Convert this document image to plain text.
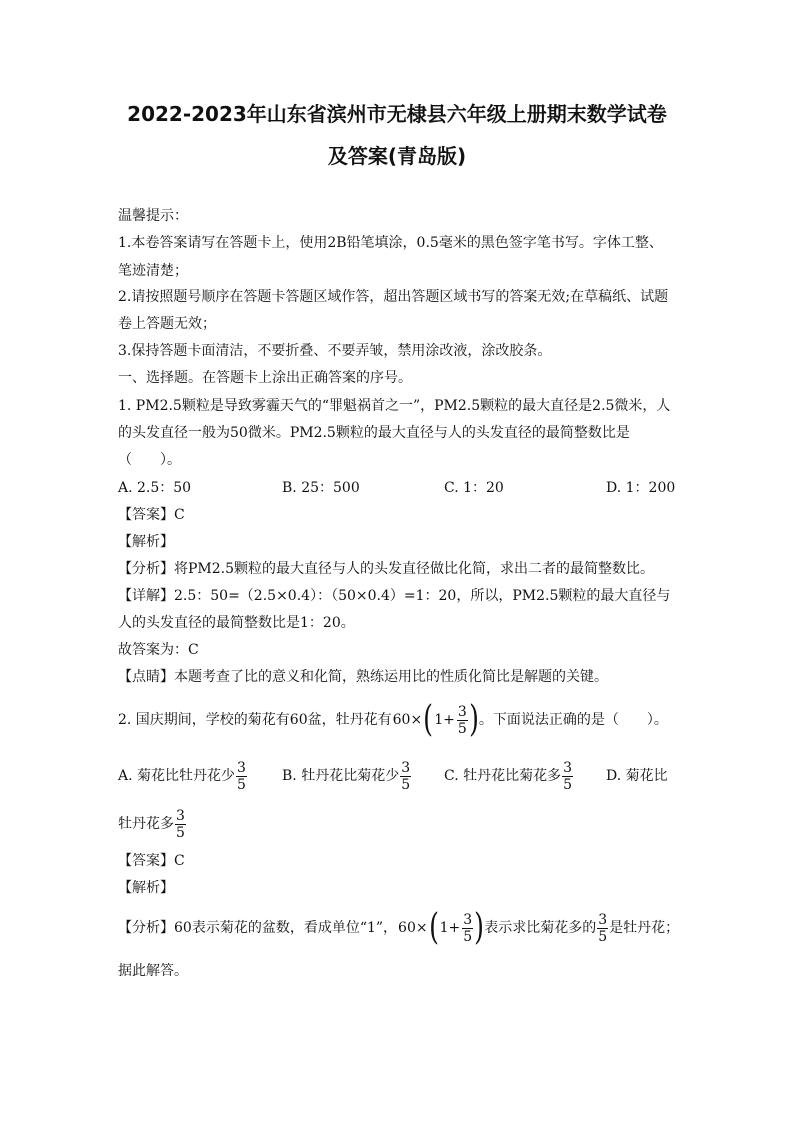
2022-2023年山东省滨州市无棣县六年级上册期末数学试卷
及答案(青岛版)
温馨提示：
1.本卷答案请写在答题卡上，使用2B铅笔填涂，0.5毫米的黑色签字笔书写。字体工整、
笔迹清楚；
2.请按照题号顺序在答题卡答题区域作答，超出答题区域书写的答案无效;在草稿纸、试题
卷上答题无效；
3.保持答题卡面清洁，不要折叠、不要弄皱，禁用涂改液，涂改胶条。
一、选择题。在答题卡上涂出正确答案的序号。
1. PM2.5颗粒是导致雾霾天气的“罪魁祸首之一”，PM2.5颗粒的最大直径是2.5微米，人
的头发直径一般为50微米。PM2.5颗粒的最大直径与人的头发直径的最简整数比是
（　　）。
A. 2.5：50	B. 25：500	C. 1：20	D. 1：200
【答案】C
【解析】
【分析】将PM2.5颗粒的最大直径与人的头发直径做比化简，求出二者的最简整数比。
【详解】2.5：50=（2.5×0.4）：（50×0.4）=1：20，所以，PM2.5颗粒的最大直径与
人的头发直径的最简整数比是1：20。
故答案为：C
【点睛】本题考查了比的意义和化简，熟练运用比的性质化简比是解题的关键。
2. 国庆期间，学校的菊花有60盆，牡丹花有 60× ( $1+ \frac{3}{5}$ ) 。下面说法正确的是（　　）。
A. 菊花比牡丹花少 $\frac{3}{5}$	B. 牡丹花比菊花少 $\frac{3}{5} C$. 牡丹花比菊花多 $\frac{3}{5} D$. 菊花比
牡丹花多 $\frac{3}{5}$
【答案】C
【解析】
【分析】60表示菊花的盆数，看成单位“1”， 60× ( $1+ \frac{3}{5}$ ) 表示求比菊花多的 $\frac{3}{5}$ 是牡丹花；
据此解答。
